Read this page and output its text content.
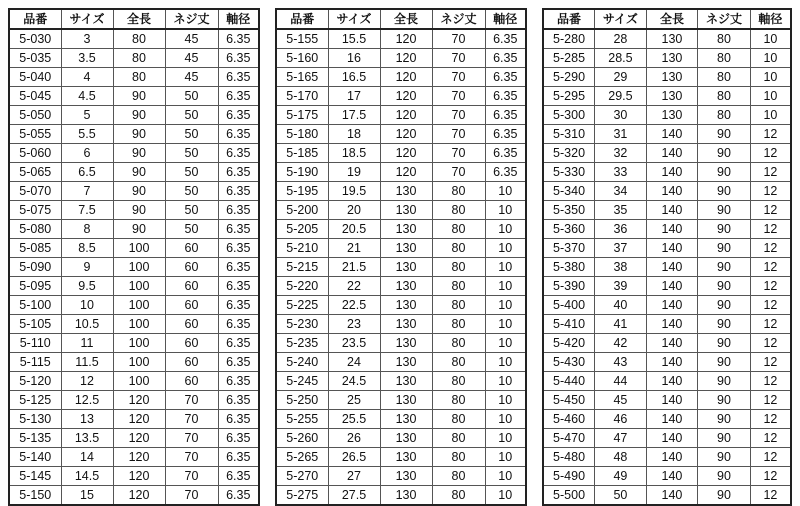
品番	サイズ	全長	ネジ丈	軸径
5-030	3	80	45	6.35
5-035	3.5	80	45	6.35
5-040	4	80	45	6.35
5-045	4.5	90	50	6.35
5-050	5	90	50	6.35
5-055	5.5	90	50	6.35
5-060	6	90	50	6.35
5-065	6.5	90	50	6.35
5-070	7	90	50	6.35
5-075	7.5	90	50	6.35
5-080	8	90	50	6.35
5-085	8.5	100	60	6.35
5-090	9	100	60	6.35
5-095	9.5	100	60	6.35
5-100	10	100	60	6.35
5-105	10.5	100	60	6.35
5-110	11	100	60	6.35
5-115	11.5	100	60	6.35
5-120	12	100	60	6.35
5-125	12.5	120	70	6.35
5-130	13	120	70	6.35
5-135	13.5	120	70	6.35
5-140	14	120	70	6.35
5-145	14.5	120	70	6.35
5-150	15	120	70	6.35
品番	サイズ	全長	ネジ丈	軸径
5-155	15.5	120	70	6.35
5-160	16	120	70	6.35
5-165	16.5	120	70	6.35
5-170	17	120	70	6.35
5-175	17.5	120	70	6.35
5-180	18	120	70	6.35
5-185	18.5	120	70	6.35
5-190	19	120	70	6.35
5-195	19.5	130	80	10
5-200	20	130	80	10
5-205	20.5	130	80	10
5-210	21	130	80	10
5-215	21.5	130	80	10
5-220	22	130	80	10
5-225	22.5	130	80	10
5-230	23	130	80	10
5-235	23.5	130	80	10
5-240	24	130	80	10
5-245	24.5	130	80	10
5-250	25	130	80	10
5-255	25.5	130	80	10
5-260	26	130	80	10
5-265	26.5	130	80	10
5-270	27	130	80	10
5-275	27.5	130	80	10
品番	サイズ	全長	ネジ丈	軸径
5-280	28	130	80	10
5-285	28.5	130	80	10
5-290	29	130	80	10
5-295	29.5	130	80	10
5-300	30	130	80	10
5-310	31	140	90	12
5-320	32	140	90	12
5-330	33	140	90	12
5-340	34	140	90	12
5-350	35	140	90	12
5-360	36	140	90	12
5-370	37	140	90	12
5-380	38	140	90	12
5-390	39	140	90	12
5-400	40	140	90	12
5-410	41	140	90	12
5-420	42	140	90	12
5-430	43	140	90	12
5-440	44	140	90	12
5-450	45	140	90	12
5-460	46	140	90	12
5-470	47	140	90	12
5-480	48	140	90	12
5-490	49	140	90	12
5-500	50	140	90	12
